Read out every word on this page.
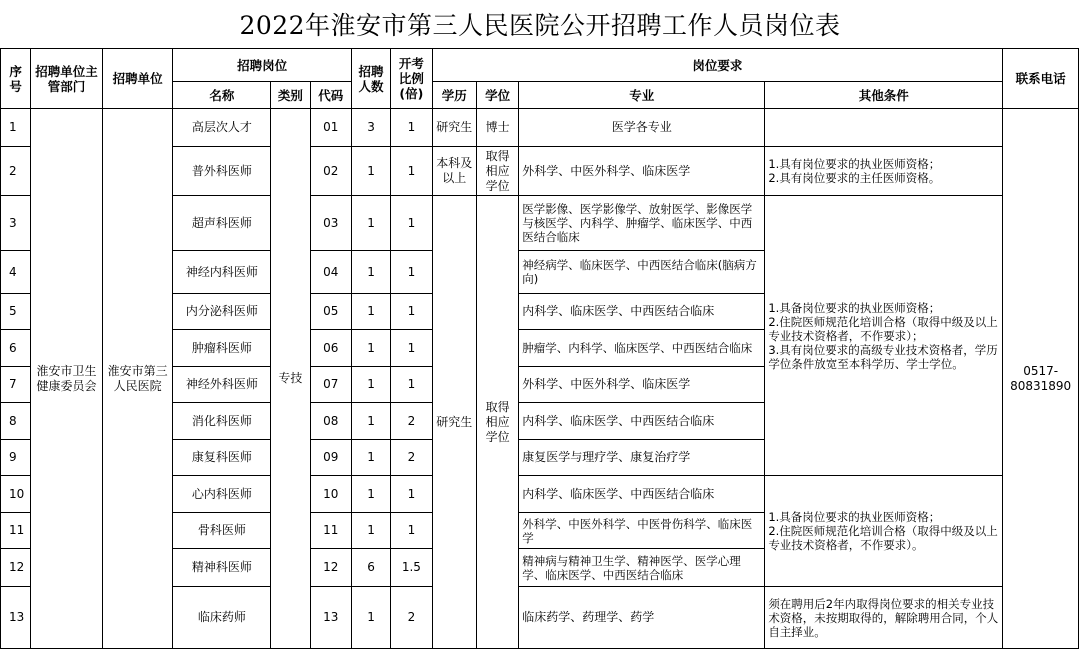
2022年淮安市第三人民医院公开招聘工作人员岗位表
序号	招聘单位主管部门	招聘单位	招聘岗位			招聘人数	开考比例(倍)	岗位要求				联系电话
			名称	类别	代码			学历	学位	专业	其他条件	
1	淮安市卫生健康委员会	淮安市第三人民医院	高层次人才	专技	01	3	1	研究生	博士	医学各专业		0517-80831890
2			普外科医师		02	1	1	本科及以上	取得相应学位	外科学、中医外科学、临床医学	1.具有岗位要求的执业医师资格；
2.具有岗位要求的主任医师资格。	
3			超声科医师		03	1	1	研究生	取得相应学位	医学影像、医学影像学、放射医学、影像医学与核医学、内科学、肿瘤学、临床医学、中西医结合临床	1.具备岗位要求的执业医师资格；
2.住院医师规范化培训合格（取得中级及以上专业技术资格者，不作要求）；
3.具有岗位要求的高级专业技术资格者，学历学位条件放宽至本科学历、学士学位。	
4			神经内科医师		04	1	1			神经病学、临床医学、中西医结合临床(脑病方向)		
5			内分泌科医师		05	1	1			内科学、临床医学、中西医结合临床		
6			肿瘤科医师		06	1	1			肿瘤学、内科学、临床医学、中西医结合临床		
7			神经外科医师		07	1	1			外科学、中医外科学、临床医学		
8			消化科医师		08	1	2			内科学、临床医学、中西医结合临床		
9			康复科医师		09	1	2			康复医学与理疗学、康复治疗学		
10			心内科医师		10	1	1			内科学、临床医学、中西医结合临床	1.具备岗位要求的执业医师资格；
2.住院医师规范化培训合格（取得中级及以上专业技术资格者，不作要求）。	
11			骨科医师		11	1	1			外科学、中医外科学、中医骨伤科学、临床医学		
12			精神科医师		12	6	1.5			精神病与精神卫生学、精神医学、医学心理学、临床医学、中西医结合临床		
13			临床药师		13	1	2			临床药学、药理学、药学	须在聘用后2年内取得岗位要求的相关专业技术资格，未按期取得的，解除聘用合同，个人自主择业。	
